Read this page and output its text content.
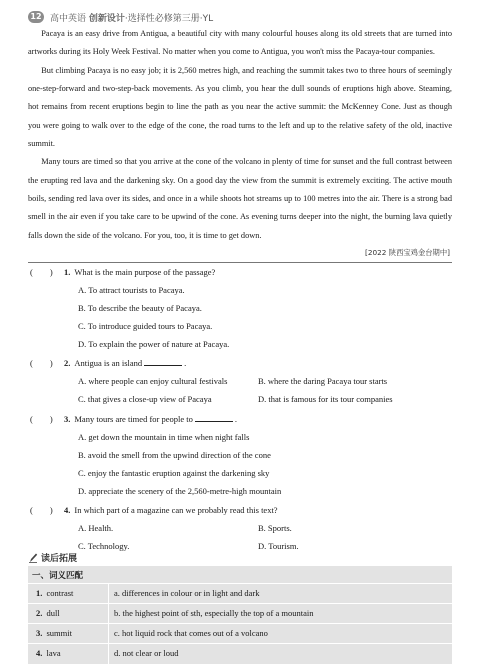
12 高中英语
创新设计 ·选择性必修第三册·YL

Pacaya is an easy drive from Antigua, a beautiful city with many colourful houses along its old streets that are turned into artworks during its Holy Week Festival. No matter when you come to Antigua, you won't miss the Pacaya-tour companies.

But climbing Pacaya is no easy job; it is 2,560 metres high, and reaching the summit takes two to three hours of seemingly one-step-forward and two-step-back movements. As you climb, you hear the dull sounds of eruptions high above. Steaming, hot remains from recent eruptions begin to line the path as you near the active summit: the McKenney Cone. Just as though you were going to walk over to the edge of the cone, the road turns to the left and up to the relative safety of the old, inactive summit.

Many tours are timed so that you arrive at the cone of the volcano in plenty of time for sunset and the full contrast between the erupting red lava and the darkening sky. On a good day the view from the summit is extremely exciting. The active mouth boils, sending red lava over its sides, and once in a while shoots hot streams up to 100 metres into the air. There is a strong bad smell in the air even if you take care to be upwind of the cone. As evening turns deeper into the night, the burning lava quietly falls down the side of the volcano. For you, too, it is time to get down.

[2022 陕西宝鸡金台期中]
(　　) 1. What is the main purpose of the passage?
A. To attract tourists to Pacaya.
B. To describe the beauty of Pacaya.
C. To introduce guided tours to Pacaya.
D. To explain the power of nature at Pacaya.
(　　) 2. Antigua is an island	.
A. where people can enjoy cultural festivals	B. where the daring Pacaya tour starts
C. that gives a close-up view of Pacaya	D. that is famous for its tour companies
(　　) 3. Many tours are timed for people to	.
A. get down the mountain in time when night falls
B. avoid the smell from the upwind direction of the cone
C. enjoy the fantastic eruption against the darkening sky
D. appreciate the scenery of the 2,560-metre-high mountain
(　　) 4. In which part of a magazine can we probably read this text?
A. Health.	B. Sports.
C. Technology.	D. Tourism.
读后拓展
一、词义匹配
1. contrast	a. differences in colour or in light and dark
2. dull	b. the highest point of sth, especially the top of a mountain
3. summit	c. hot liquid rock that comes out of a volcano
4. lava	d. not clear or loud
